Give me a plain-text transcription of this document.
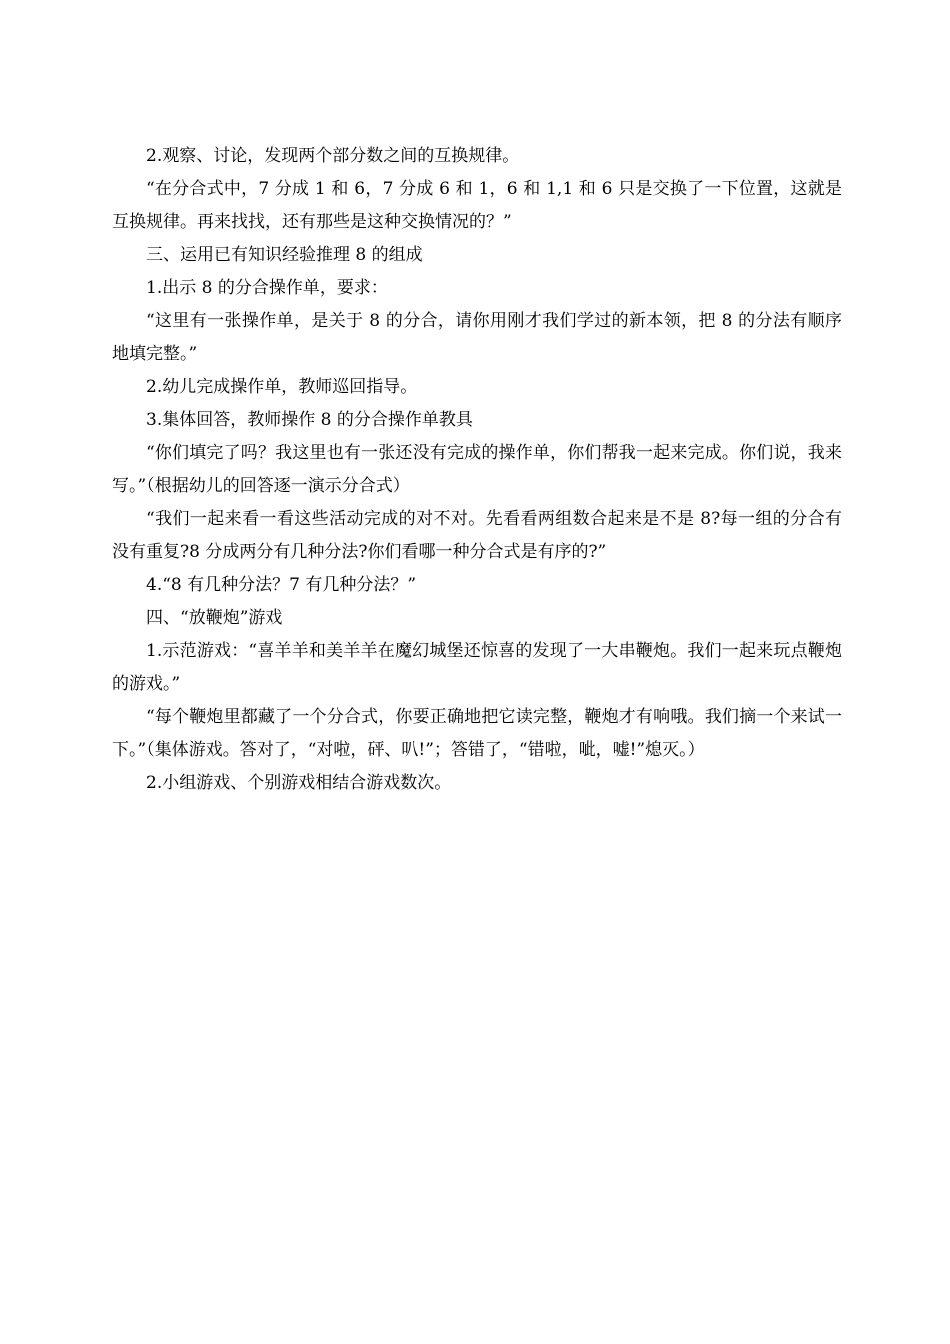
2.观察、讨论，发现两个部分数之间的互换规律。

“在分合式中，7 分成 1 和 6，7 分成 6 和 1，6 和 1,1 和 6 只是交换了一下位置，这就是互换规律。再来找找，还有那些是这种交换情况的？”

三、运用已有知识经验推理 8 的组成

1.出示 8 的分合操作单，要求：

“这里有一张操作单，是关于 8 的分合，请你用刚才我们学过的新本领，把 8 的分法有顺序地填完整。”

2.幼儿完成操作单，教师巡回指导。

3.集体回答，教师操作 8 的分合操作单教具

“你们填完了吗？我这里也有一张还没有完成的操作单，你们帮我一起来完成。你们说，我来写。”（根据幼儿的回答逐一演示分合式）

“我们一起来看一看这些活动完成的对不对。先看看两组数合起来是不是 8?每一组的分合有没有重复?8 分成两分有几种分法?你们看哪一种分合式是有序的?”

4.“8 有几种分法？7 有几种分法？”

四、“放鞭炮”游戏

1.示范游戏：“喜羊羊和美羊羊在魔幻城堡还惊喜的发现了一大串鞭炮。我们一起来玩点鞭炮的游戏。”

“每个鞭炮里都藏了一个分合式，你要正确地把它读完整，鞭炮才有响哦。我们摘一个来试一下。”（集体游戏。答对了，“对啦，砰、叭!”；答错了，“错啦，呲，嘘!”熄灭。）

2.小组游戏、个别游戏相结合游戏数次。
